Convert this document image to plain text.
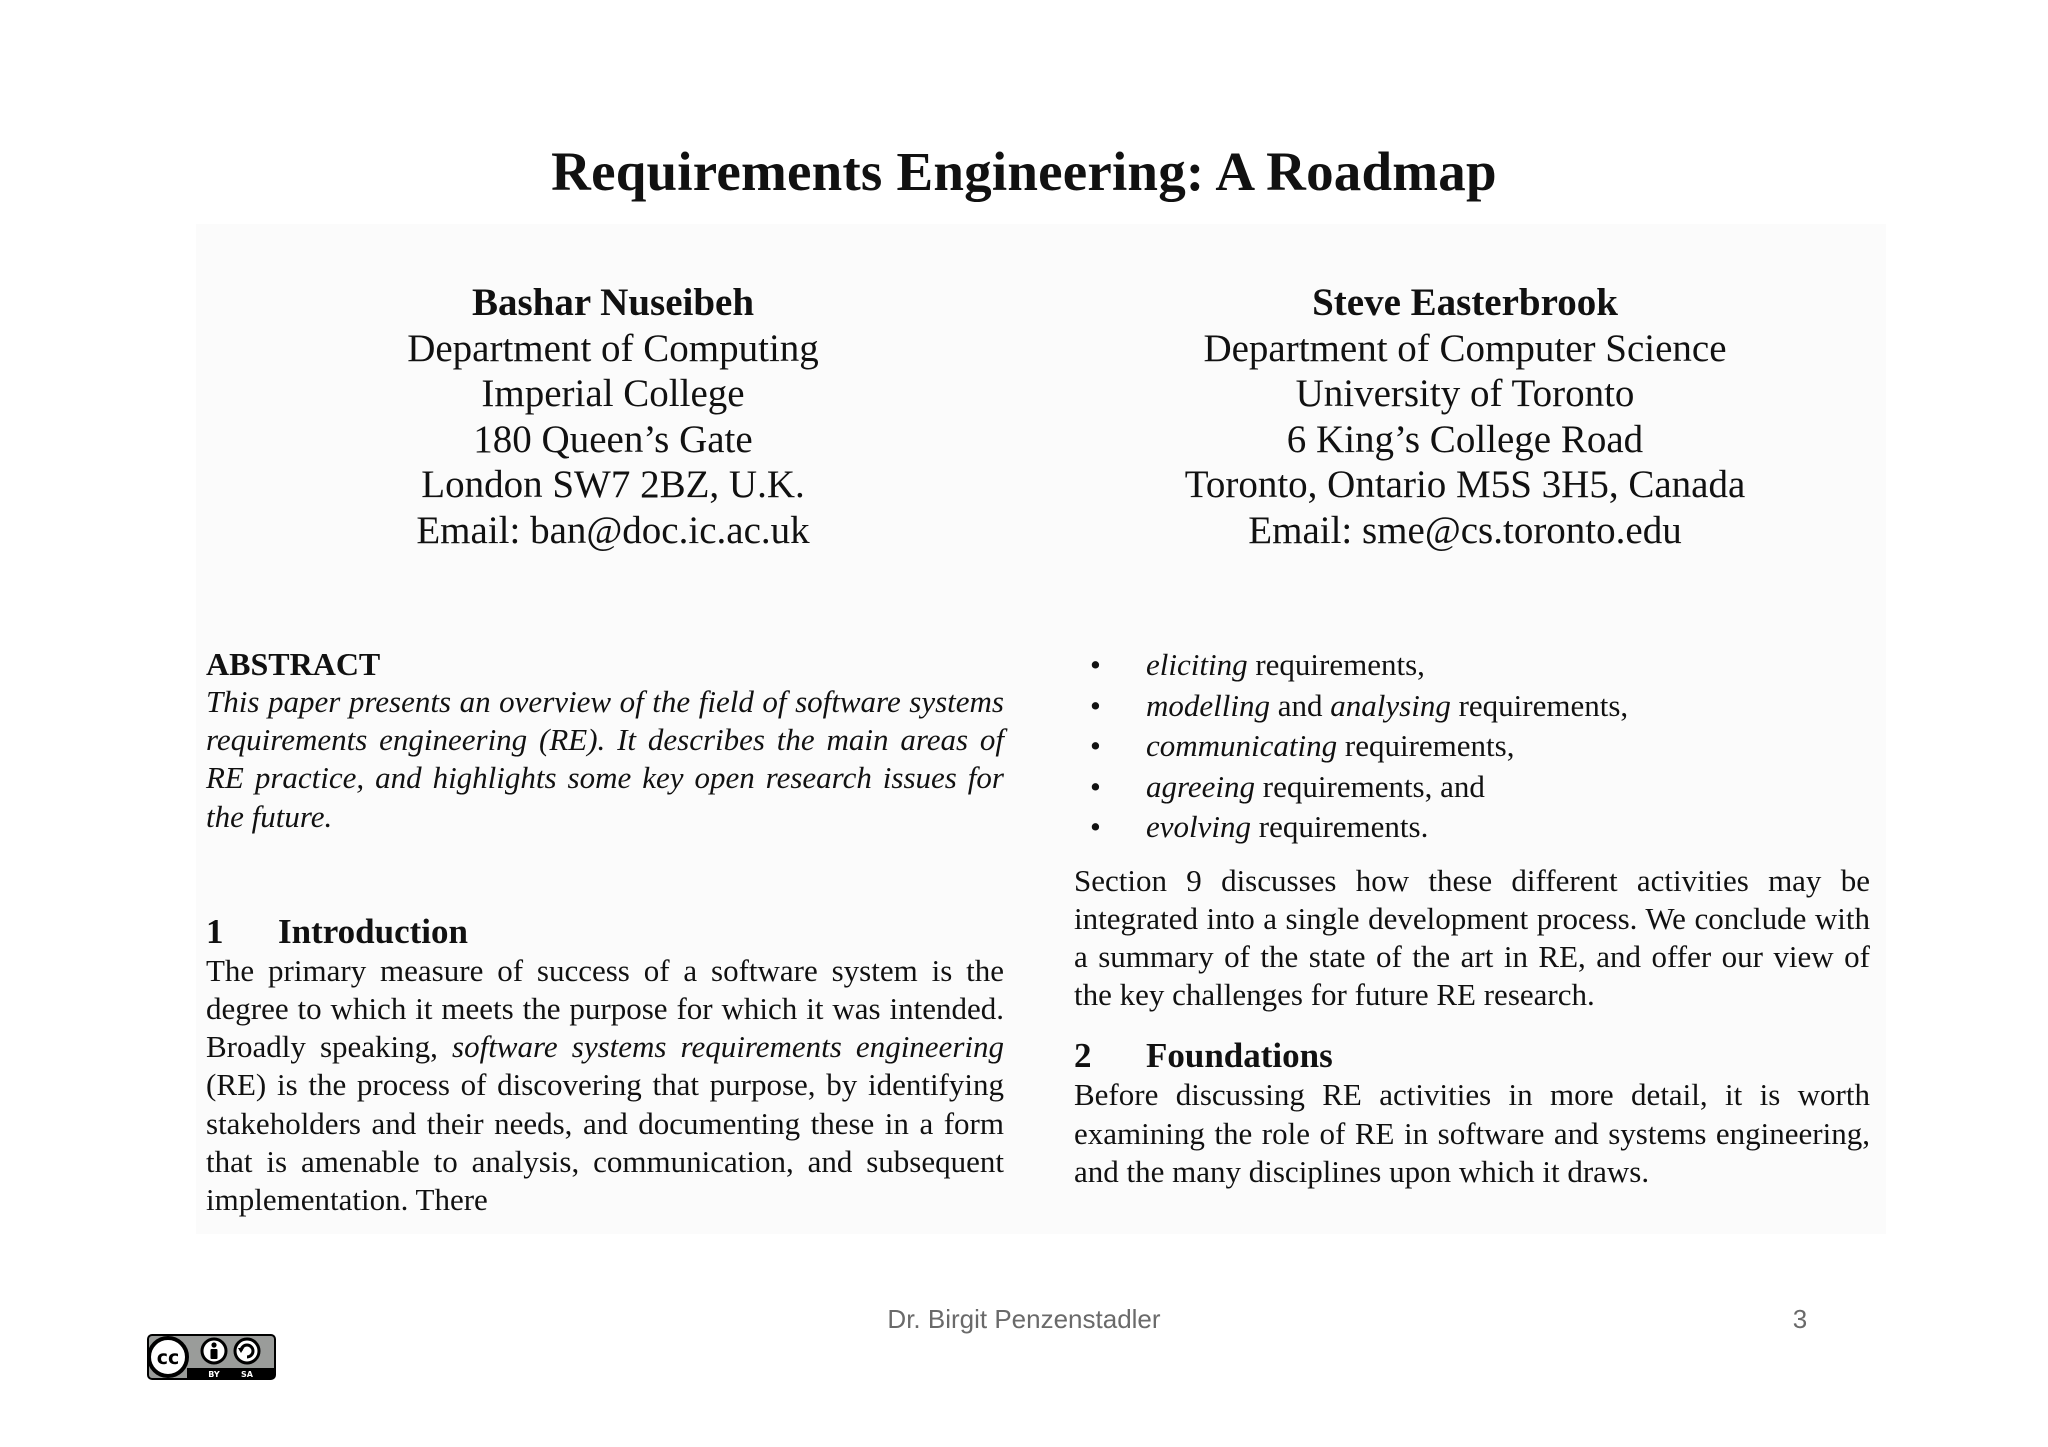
Requirements Engineering: A Roadmap
Bashar Nuseibeh
Department of Computing
Imperial College
180 Queen’s Gate
London SW7 2BZ, U.K.
Email: ban@doc.ic.ac.uk
Steve Easterbrook
Department of Computer Science
University of Toronto
6 King’s College Road
Toronto, Ontario M5S 3H5, Canada
Email: sme@cs.toronto.edu

ABSTRACT

This paper presents an overview of the field of software systems requirements engineering (RE). It describes the main areas of RE practice, and highlights some key open research issues for the future.

1 Introduction

The primary measure of success of a software system is the degree to which it meets the purpose for which it was intended. Broadly speaking, software systems requirements engineering (RE) is the process of discovering that purpose, by identifying stakeholders and their needs, and documenting these in a form that is amenable to analysis, communication, and subsequent implementation. There

• eliciting requirements,
• modelling and analysing requirements,
• communicating requirements,
• agreeing requirements, and
• evolving requirements.

Section 9 discusses how these different activities may be integrated into a single development process. We conclude with a summary of the state of the art in RE, and offer our view of the key challenges for future RE research.

2 Foundations

Before discussing RE activities in more detail, it is worth examining the role of RE in software and systems engineering, and the many disciplines upon which it draws.

Dr. Birgit Penzenstadler	3
cc
BY	SA
